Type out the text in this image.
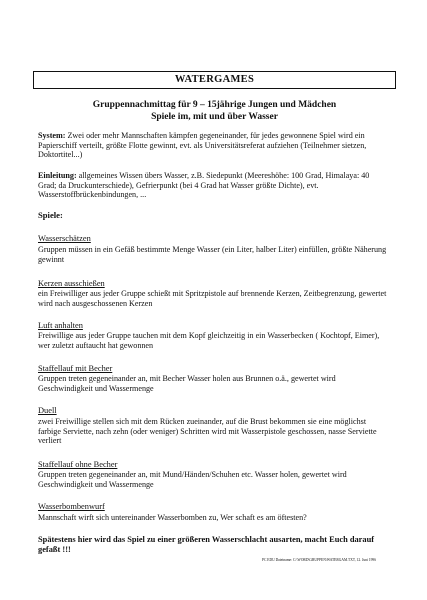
WATERGAMES
Gruppennachmittag für 9 – 15jährige Jungen und Mädchen
Spiele im, mit und über Wasser
System: Zwei oder mehr Mannschaften kämpfen gegeneinander, für jedes gewonnene Spiel wird ein Papierschiff verteilt, größte Flotte gewinnt, evt. als Universitätsreferat aufziehen (Teilnehmer sietzen, Doktortitel...)
Einleitung: allgemeines Wissen übers Wasser, z.B. Siedepunkt (Meereshöhe: 100 Grad, Himalaya: 40 Grad; da Druckunterschiede), Gefrierpunkt (bei 4 Grad hat Wasser größte Dichte), evt. Wasserstoffbrückenbindungen, ...
Spiele:
Wasserschätzen
Gruppen müssen in ein Gefäß bestimmte Menge Wasser (ein Liter, halber Liter) einfüllen, größte Näherung gewinnt
Kerzen ausschießen
ein Freiwilliger aus jeder Gruppe schießt mit Spritzpistole auf brennende Kerzen, Zeitbegrenzung, gewertet wird nach ausgeschossenen Kerzen
Luft anhalten
Freiwillige aus jeder Gruppe tauchen mit dem Kopf gleichzeitig in ein Wasserbecken ( Kochtopf, Eimer), wer zuletzt auftaucht hat gewonnen
Staffellauf mit Becher
Gruppen treten gegeneinander an, mit Becher Wasser holen aus Brunnen o.ä., gewertet wird Geschwindigkeit und Wassermenge
Duell
zwei Freiwillige stellen sich mit dem Rücken zueinander, auf die Brust bekommen sie eine möglichst farbige Serviette, nach zehn (oder weniger) Schritten wird mit Wasserpistole geschossen, nasse Serviette verliert
Staffellauf ohne Becher
Gruppen treten gegeneinander an, mit Mund/Händen/Schuhen etc. Wasser holen, gewertet wird Geschwindigkeit und Wassermenge
Wasserbombenwurf
Mannschaft wirft sich untereinander Wasserbomben zu, Wer schaft es am öftesten?
Spätestens hier wird das Spiel zu einer größeren Wasserschlacht ausarten, macht Euch darauf gefaßt !!!
PC EDU Dateiname: C:\WORD\GRUPPEN\WATERGAM.TXT, 12. Juni 1996
